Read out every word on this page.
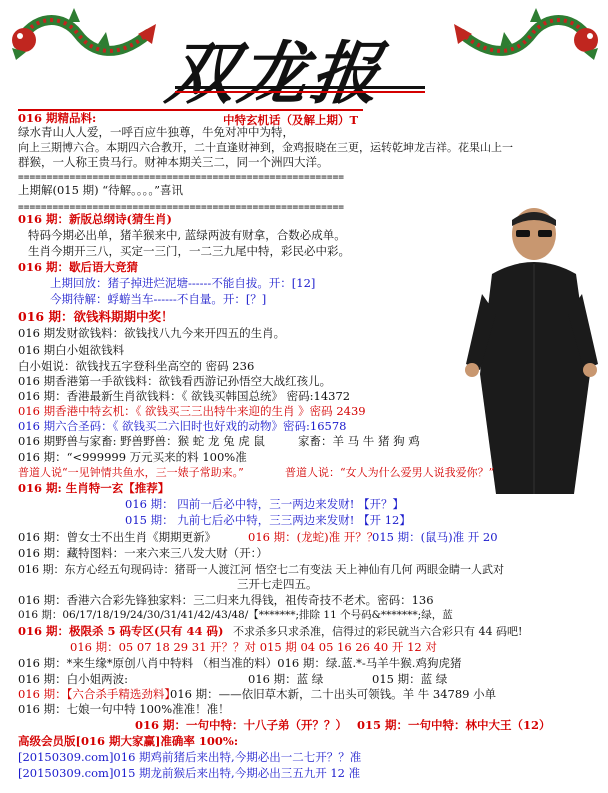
双龙报
016 期精品料:	中特玄机话（及解上期）T
绿水青山人人爱，一呼百应牛独尊，牛免对冲中为特，
向上三期博六合。本期四六合教开，二十直逢财神到，金鸡报晓在三更，运转乾坤龙吉祥。花果山上一
群猴，一人称王贵马行。财神本期关三二，同一个洲四大洋。
=========================================================
上期解(015 期) “待解。。。。”喜讯
=========================================================
016 期：新版总纲诗(猜生肖)
特码今期必出单，猪羊猴来中, 蓝绿两波有财拿，合数必成单。
生肖今期开三八，买定一三门，一二三九尾中特，彩民必中彩。
016 期：歇后语大竞猜
上期回放：猪子掉进烂泥塘------不能自拔。开：[12]
今期待解：蜉蝣当车------不自量。开：[？]
016 期：欲钱料期期中奖！
016 期发财欲钱料：欲钱找八九今来开四五的生肖。
016 期白小姐欲钱料
白小姐说：欲钱找五字登科坐高空的 密码 236
016 期香港第一手欲钱料：欲钱看西游记孙悟空大战红孩儿。
016 期：香港最新生肖欲钱料：《 欲钱买韩国总统》 密码:14372
016 期香港中特玄机：《 欲钱买三三出特牛来迎的生肖 》密码 2439
016 期六合圣码：《 欲钱买二六旧时也好戏的动物》密码:16578
016 期野兽与家畜: 野兽野兽：猴 蛇 龙 兔 虎 鼠	家畜：羊 马 牛 猪 狗 鸡
016 期：“<999999 万元买来的料 100%准
普道人说“一见钟情共鱼水，三一婊子常助来。”	普道人说：“女人为什么爱男人说我爱你？”
016 期: 生肖特一玄【推荐】
016 期： 四前一后必中特，三一两边来发财! 【开？】
015 期： 九前七后必中特，三三两边来发财! 【开 12】
016 期：曾女士不出生肖《期期更新》	016 期：(龙蛇)准 开？？
015 期：(鼠马)准 开 20
016 期：藏特图料：一来六来三八发大财（开：）
016 期：东方心经五句现码诗：猪哥一人渡江河 悟空七二有变法 天上神仙有几何 两眼金睛一人武对
三开七走四五。
016 期：香港六合彩先锋独家料：三二归来九得钱，祖传奇技不老术。密码：136
016 期：06/17/18/19/24/30/31/41/42/43/48/【*******;排除 11 个号码&*******;绿，蓝
016 期：极限杀 5 码专区(只有 44 码) 不求杀多只求杀准，信得过的彩民就当六合彩只有 44 码吧!
016 期：05 07 18 29 31 开？？对 015 期 04 05 16 26 40 开 12 对
016 期：*来生缘*原创八肖中特料 （相当准的料）016 期：绿.蓝.*-马羊牛猴.鸡狗虎猪
016 期：白小姐两波:	016 期：蓝 绿	015 期：蓝 绿
016 期：【六合杀手精选劲料】
016 期：——依旧草木新，二十出头可领钱。羊 牛 34789 小单
016 期：七娘一句中特 100%准准！准！
016 期：一句中特：十八子弟（开？？） 015 期：一句中特：林中大王（12）
高级会员版[016 期大家赢]准确率 100%:
[20150309.com]016 期鸡前猪后来出特,今期必出一二七开？？准
[20150309.com]015 期龙前猴后来出特,今期必出三五九开 12 准
